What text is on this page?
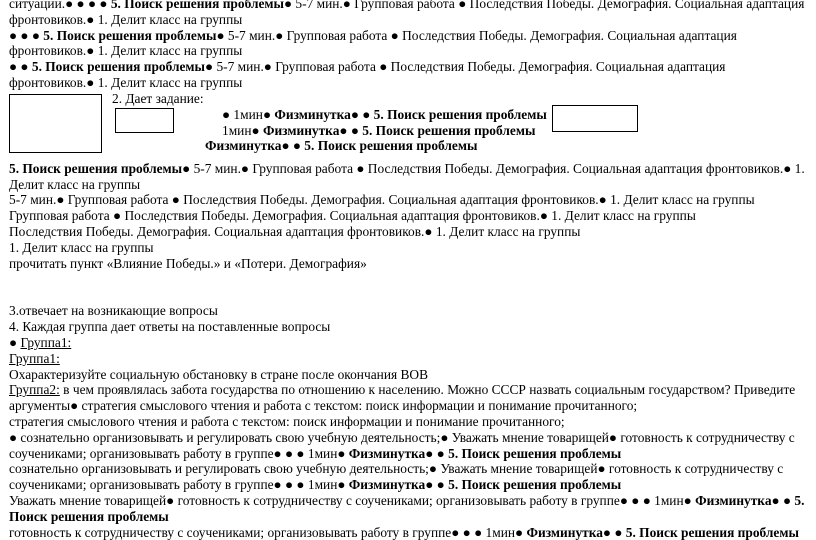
ситуации.● ● ● ● 5. Поиск решения проблемы● 5-7 мин.● Групповая работа ● Последствия Победы. Демография. Социальная адаптация

фронтовиков.● 1. Делит класс на группы

● ● ● 5. Поиск решения проблемы● 5-7 мин.● Групповая работа ● Последствия Победы. Демография. Социальная адаптация

фронтовиков.● 1. Делит класс на группы

● ● 5. Поиск решения проблемы● 5-7 мин.● Групповая работа ● Последствия Победы. Демография. Социальная адаптация

фронтовиков.● 1. Делит класс на группы

2. Дает задание:

● 1мин● Физминутка● ● 5. Поиск решения проблемы

1мин● Физминутка● ● 5. Поиск решения проблемы

Физминутка● ● 5. Поиск решения проблемы

5. Поиск решения проблемы● 5-7 мин.● Групповая работа ● Последствия Победы. Демография. Социальная адаптация фронтовиков.● 1.

Делит класс на группы

5-7 мин.● Групповая работа ● Последствия Победы. Демография. Социальная адаптация фронтовиков.● 1. Делит класс на группы

Групповая работа ● Последствия Победы. Демография. Социальная адаптация фронтовиков.● 1. Делит класс на группы

Последствия Победы. Демография. Социальная адаптация фронтовиков.● 1. Делит класс на группы

1. Делит класс на группы

прочитать пункт «Влияние Победы.» и «Потери. Демография»

3.отвечает на возникающие вопросы

4. Каждая группа дает ответы на поставленные вопросы

● Группа1:

Группа1:

Охарактеризуйте социальную обстановку в стране после окончания ВОВ

Группа2: в чем проявлялась забота государства по отношению к населению. Можно СССР назвать социальным государством? Приведите

аргументы● стратегия смыслового чтения и работа с текстом: поиск информации и понимание прочитанного;

стратегия смыслового чтения и работа с текстом: поиск информации и понимание прочитанного;

● сознательно организовывать и регулировать свою учебную деятельность;● Уважать мнение товарищей● готовность к сотрудничеству с

соучениками; организовывать работу в группе● ● ● 1мин● Физминутка● ● 5. Поиск решения проблемы

сознательно организовывать и регулировать свою учебную деятельность;● Уважать мнение товарищей● готовность к сотрудничеству с

соучениками; организовывать работу в группе● ● ● 1мин● Физминутка● ● 5. Поиск решения проблемы

Уважать мнение товарищей● готовность к сотрудничеству с соучениками; организовывать работу в группе● ● ● 1мин● Физминутка● ● 5.

Поиск решения проблемы

готовность к сотрудничеству с соучениками; организовывать работу в группе● ● ● 1мин● Физминутка● ● 5. Поиск решения проблемы
